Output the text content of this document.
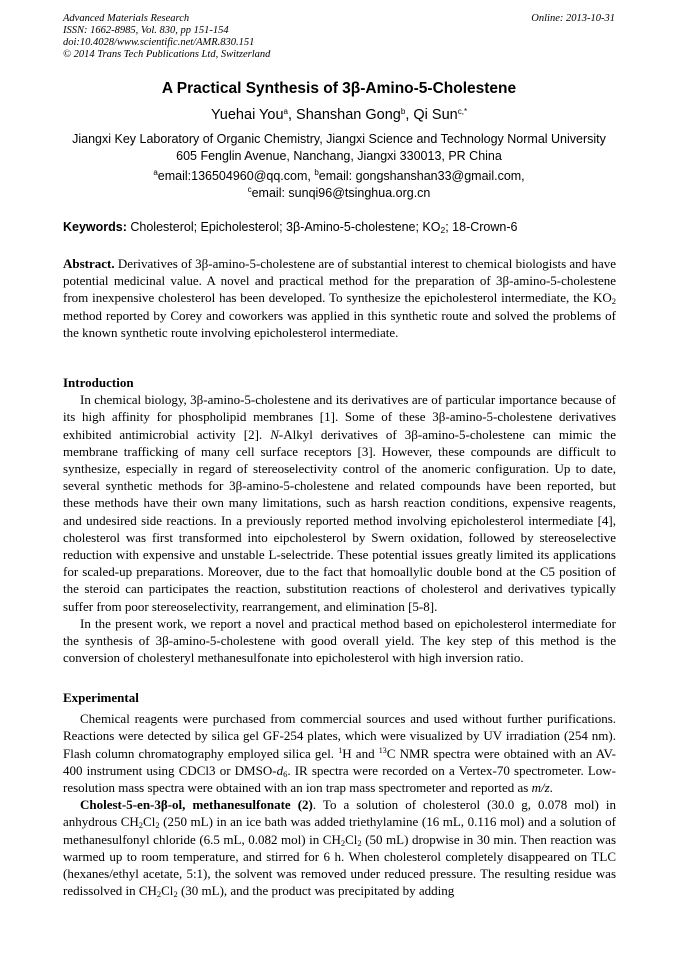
Advanced Materials Research
ISSN: 1662-8985, Vol. 830, pp 151-154
doi:10.4028/www.scientific.net/AMR.830.151
© 2014 Trans Tech Publications Ltd, Switzerland
Online: 2013-10-31
A Practical Synthesis of 3β-Amino-5-Cholestene
Yuehai You$^a$, Shanshan Gong$^b$, Qi Sun$^{c,*}$
Jiangxi Key Laboratory of Organic Chemistry, Jiangxi Science and Technology Normal University
605 Fenglin Avenue, Nanchang, Jiangxi 330013, PR China
$^a$email:136504960@qq.com, $^b$email: gongshanshan33@gmail.com,
$^c$email: sunqi96@tsinghua.org.cn
Keywords: Cholesterol; Epicholesterol; 3β-Amino-5-cholestene; $KO_2$; 18-Crown-6

Abstract. Derivatives of 3β-amino-5-cholestene are of substantial interest to chemical biologists and have potential medicinal value. A novel and practical method for the preparation of 3β-amino-5-cholestene from inexpensive cholesterol has been developed. To synthesize the epicholesterol intermediate, the $KO_2$ method reported by Corey and coworkers was applied in this synthetic route and solved the problems of the known synthetic route involving epicholesterol intermediate.

Introduction

In chemical biology, 3β-amino-5-cholestene and its derivatives are of particular importance because of its high affinity for phospholipid membranes [1]. Some of these 3β-amino-5-cholestene derivatives exhibited antimicrobial activity [2]. N-Alkyl derivatives of 3β-amino-5-cholestene can mimic the membrane trafficking of many cell surface receptors [3]. However, these compounds are difficult to synthesize, especially in regard of stereoselectivity control of the anomeric configuration. Up to date, several synthetic methods for 3β-amino-5-cholestene and related compounds have been reported, but these methods have their own many limitations, such as harsh reaction conditions, expensive reagents, and undesired side reactions. In a previously reported method involving epicholesterol intermediate [4], cholesterol was first transformed into eipcholesterol by Swern oxidation, followed by stereoselective reduction with expensive and unstable L-selectride. These potential issues greatly limited its applications for scaled-up preparations. Moreover, due to the fact that homoallylic double bond at the C5 position of the steroid can participates the reaction, substitution reactions of cholesterol and derivatives typically suffer from poor stereoselectivity, rearrangement, and elimination [5-8].

In the present work, we report a novel and practical method based on epicholesterol intermediate for the synthesis of 3β-amino-5-cholestene with good overall yield. The key step of this method is the conversion of cholesteryl methanesulfonate into epicholesterol with high inversion ratio.

Experimental

Chemical reagents were purchased from commercial sources and used without further purifications. Reactions were detected by silica gel GF-254 plates, which were visualized by UV irradiation (254 nm). Flash column chromatography employed silica gel. $^1$H and $^{13}$C NMR spectra were obtained with an AV-400 instrument using CDCl3 or DMSO-$d_6$. IR spectra were recorded on a Vertex-70 spectrometer. Low-resolution mass spectra were obtained with an ion trap mass spectrometer and reported as m/z.

Cholest-5-en-3β-ol, methanesulfonate (2). To a solution of cholesterol (30.0 g, 0.078 mol) in anhydrous $CH_2Cl_2$ (250 mL) in an ice bath was added triethylamine (16 mL, 0.116 mol) and a solution of methanesulfonyl chloride (6.5 mL, 0.082 mol) in $CH_2Cl_2$ (50 mL) dropwise in 30 min. Then reaction was warmed up to room temperature, and stirred for 6 h. When cholesterol completely disappeared on TLC (hexanes/ethyl acetate, 5:1), the solvent was removed under reduced pressure. The resulting residue was redissolved in $CH_2Cl_2$ (30 mL), and the product was precipitated by adding
